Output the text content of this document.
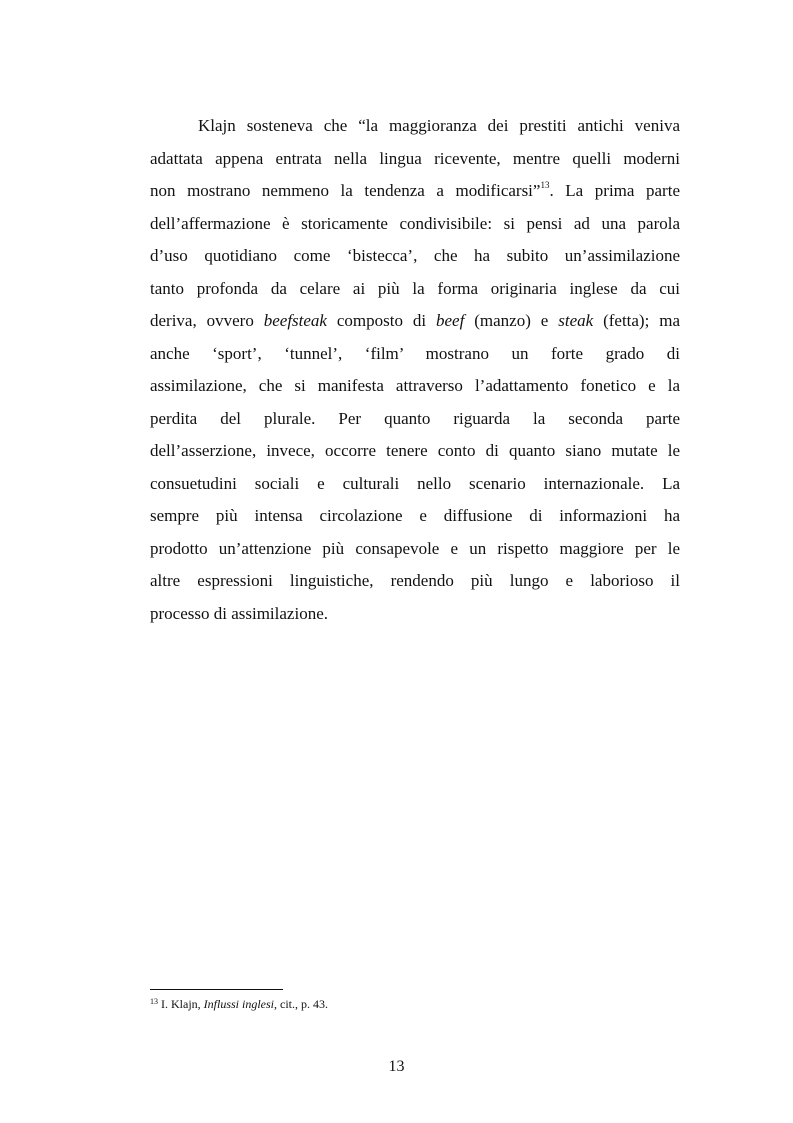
Klajn sosteneva che “la maggioranza dei prestiti antichi veniva
adattata appena entrata nella lingua ricevente, mentre quelli moderni
non mostrano nemmeno la tendenza a modificarsi”$^{13}$. La prima parte
dell’affermazione è storicamente condivisibile: si pensi ad una parola
d’uso quotidiano come ‘bistecca’, che ha subito un’assimilazione
tanto profonda da celare ai più la forma originaria inglese da cui
deriva, ovvero beefsteak composto di beef (manzo) e steak (fetta); ma
anche ‘sport’, ‘tunnel’, ‘film’ mostrano un forte grado di
assimilazione, che si manifesta attraverso l’adattamento fonetico e la
perdita del plurale. Per quanto riguarda la seconda parte
dell’asserzione, invece, occorre tenere conto di quanto siano mutate le
consuetudini sociali e culturali nello scenario internazionale. La
sempre più intensa circolazione e diffusione di informazioni ha
prodotto un’attenzione più consapevole e un rispetto maggiore per le
altre espressioni linguistiche, rendendo più lungo e laborioso il
processo di assimilazione.
$^{13}$ I. Klajn, Influssi inglesi, cit., p. 43.
13
